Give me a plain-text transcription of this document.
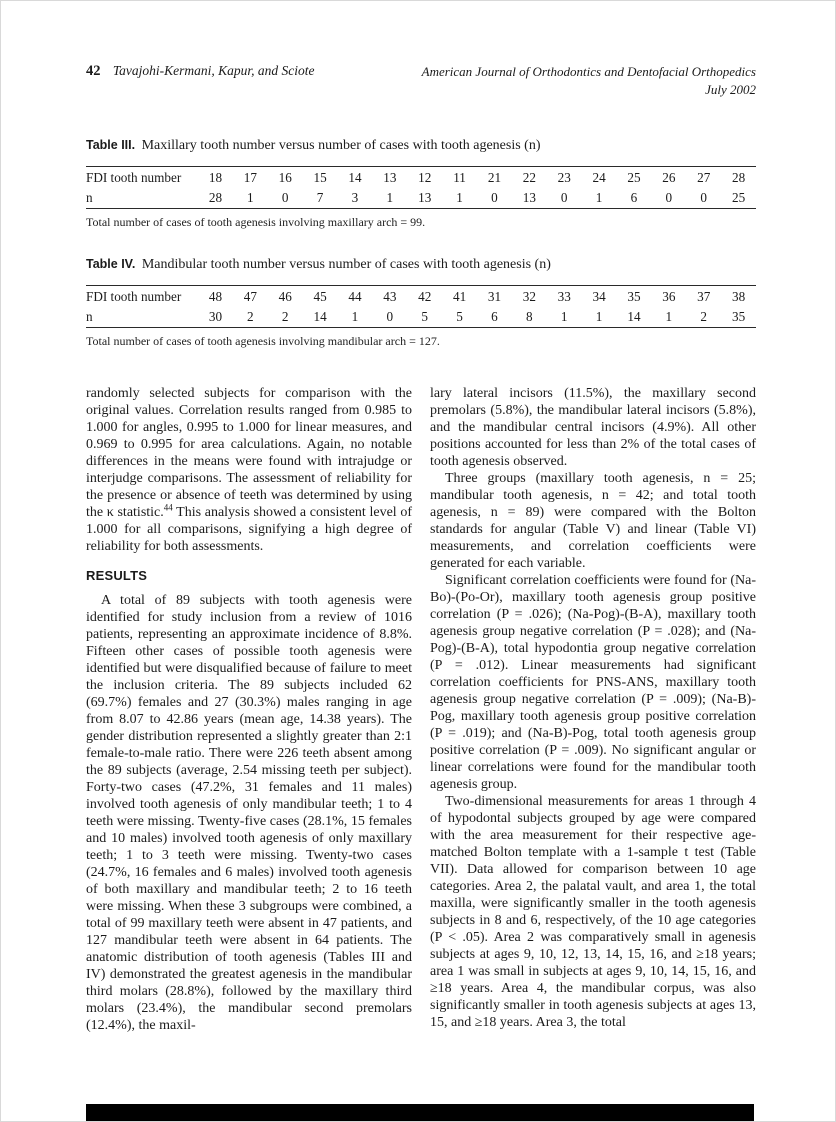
42 Tavajohi-Kermani, Kapur, and Sciote	American Journal of Orthodontics and Dentofacial Orthopedics
July 2002
Table III. Maxillary tooth number versus number of cases with tooth agenesis (n)
FDI tooth number	18	17	16	15	14	13	12	11	21	22	23	24	25	26	27	28
n	28	1	0	7	3	1	13	1	0	13	0	1	6	0	0	25
Total number of cases of tooth agenesis involving maxillary arch = 99.
Table IV. Mandibular tooth number versus number of cases with tooth agenesis (n)
FDI tooth number	48	47	46	45	44	43	42	41	31	32	33	34	35	36	37	38
n	30	2	2	14	1	0	5	5	6	8	1	1	14	1	2	35
Total number of cases of tooth agenesis involving mandibular arch = 127.

randomly selected subjects for comparison with the original values. Correlation results ranged from 0.985 to 1.000 for angles, 0.995 to 1.000 for linear measures, and 0.969 to 0.995 for area calculations. Again, no notable differences in the means were found with intrajudge or interjudge comparisons. The assessment of reliability for the presence or absence of teeth was determined by using the κ statistic.$^{44}$ This analysis showed a consistent level of 1.000 for all comparisons, signifying a high degree of reliability for both assessments.

RESULTS

A total of 89 subjects with tooth agenesis were identified for study inclusion from a review of 1016 patients, representing an approximate incidence of 8.8%. Fifteen other cases of possible tooth agenesis were identified but were disqualified because of failure to meet the inclusion criteria. The 89 subjects included 62 (69.7%) females and 27 (30.3%) males ranging in age from 8.07 to 42.86 years (mean age, 14.38 years). The gender distribution represented a slightly greater than 2:1 female-to-male ratio. There were 226 teeth absent among the 89 subjects (average, 2.54 missing teeth per subject). Forty-two cases (47.2%, 31 females and 11 males) involved tooth agenesis of only mandibular teeth; 1 to 4 teeth were missing. Twenty-five cases (28.1%, 15 females and 10 males) involved tooth agenesis of only maxillary teeth; 1 to 3 teeth were missing. Twenty-two cases (24.7%, 16 females and 6 males) involved tooth agenesis of both maxillary and mandibular teeth; 2 to 16 teeth were missing. When these 3 subgroups were combined, a total of 99 maxillary teeth were absent in 47 patients, and 127 mandibular teeth were absent in 64 patients. The anatomic distribution of tooth agenesis (Tables III and IV) demonstrated the greatest agenesis in the mandibular third molars (28.8%), followed by the maxillary third molars (23.4%), the mandibular second premolars (12.4%), the maxil-

lary lateral incisors (11.5%), the maxillary second premolars (5.8%), the mandibular lateral incisors (5.8%), and the mandibular central incisors (4.9%). All other positions accounted for less than 2% of the total cases of tooth agenesis observed.

Three groups (maxillary tooth agenesis, n = 25; mandibular tooth agenesis, n = 42; and total tooth agenesis, n = 89) were compared with the Bolton standards for angular (Table V) and linear (Table VI) measurements, and correlation coefficients were generated for each variable.

Significant correlation coefficients were found for (Na-Bo)-(Po-Or), maxillary tooth agenesis group positive correlation (P = .026); (Na-Pog)-(B-A), maxillary tooth agenesis group negative correlation (P = .028); and (Na-Pog)-(B-A), total hypodontia group negative correlation (P = .012). Linear measurements had significant correlation coefficients for PNS-ANS, maxillary tooth agenesis group negative correlation (P = .009); (Na-B)-Pog, maxillary tooth agenesis group positive correlation (P = .019); and (Na-B)-Pog, total tooth agenesis group positive correlation (P = .009). No significant angular or linear correlations were found for the mandibular tooth agenesis group.

Two-dimensional measurements for areas 1 through 4 of hypodontal subjects grouped by age were compared with the area measurement for their respective age-matched Bolton template with a 1-sample t test (Table VII). Data allowed for comparison between 10 age categories. Area 2, the palatal vault, and area 1, the total maxilla, were significantly smaller in the tooth agenesis subjects in 8 and 6, respectively, of the 10 age categories (P < .05). Area 2 was comparatively small in agenesis subjects at ages 9, 10, 12, 13, 14, 15, 16, and ≥18 years; area 1 was small in subjects at ages 9, 10, 14, 15, 16, and ≥18 years. Area 4, the mandibular corpus, was also significantly smaller in tooth agenesis subjects at ages 13, 15, and ≥18 years. Area 3, the total
